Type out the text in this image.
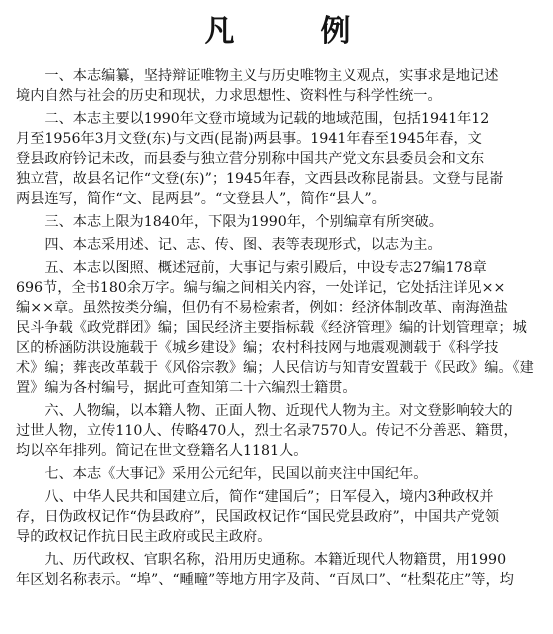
凡　例
　　一、本志编纂，坚持辩证唯物主义与历史唯物主义观点，实事求是地记述
境内自然与社会的历史和现状，力求思想性、资料性与科学性统一。
　　二、本志主要以1990年文登市境域为记载的地域范围，包括1941年12
月至1956年3月文登(东)与文西(昆嵛)两县事。1941年春至1945年春，文
登县政府钤记未改，而县委与独立营分别称中国共产党文东县委员会和文东
独立营，故县名记作“文登(东)”；1945年春，文西县改称昆嵛县。文登与昆嵛
两县连写，简作“文、昆两县”。“文登县人”，简作“县人”。
　　三、本志上限为1840年，下限为1990年，个别编章有所突破。
　　四、本志采用述、记、志、传、图、表等表现形式，以志为主。
　　五、本志以图照、概述冠前，大事记与索引殿后，中设专志27编178章
696节，全书180余万字。编与编之间相关内容，一处详记，它处括注详见××
编××章。虽然按类分编，但仍有不易检索者，例如：经济体制改革、南海渔盐
民斗争载《政党群团》编；国民经济主要指标载《经济管理》编的计划管理章；城
区的桥涵防洪设施载于《城乡建设》编；农村科技网与地震观测载于《科学技
术》编；葬丧改革载于《风俗宗教》编；人民信访与知青安置载于《民政》编。《建
置》编为各村编号，据此可查知第二十六编烈士籍贯。
　　六、人物编，以本籍人物、正面人物、近现代人物为主。对文登影响较大的
过世人物，立传110人、传略470人，烈士名录7570人。传记不分善恶、籍贯，
均以卒年排列。简记在世文登籍名人1181人。
　　七、本志《大事记》采用公元纪年，民国以前夹注中国纪年。
　　八、中华人民共和国建立后，简作“建国后”；日军侵入，境内3种政权并
存，日伪政权记作“伪县政府”，民国政权记作“国民党县政府”，中国共产党领
导的政权记作抗日民主政府或民主政府。
　　九、历代政权、官职名称，沿用历史通称。本籍近现代人物籍贯，用1990
年区划名称表示。“埠”、“畽疃”等地方用字及苘、“百凤口”、“杜梨花庄”等，均
